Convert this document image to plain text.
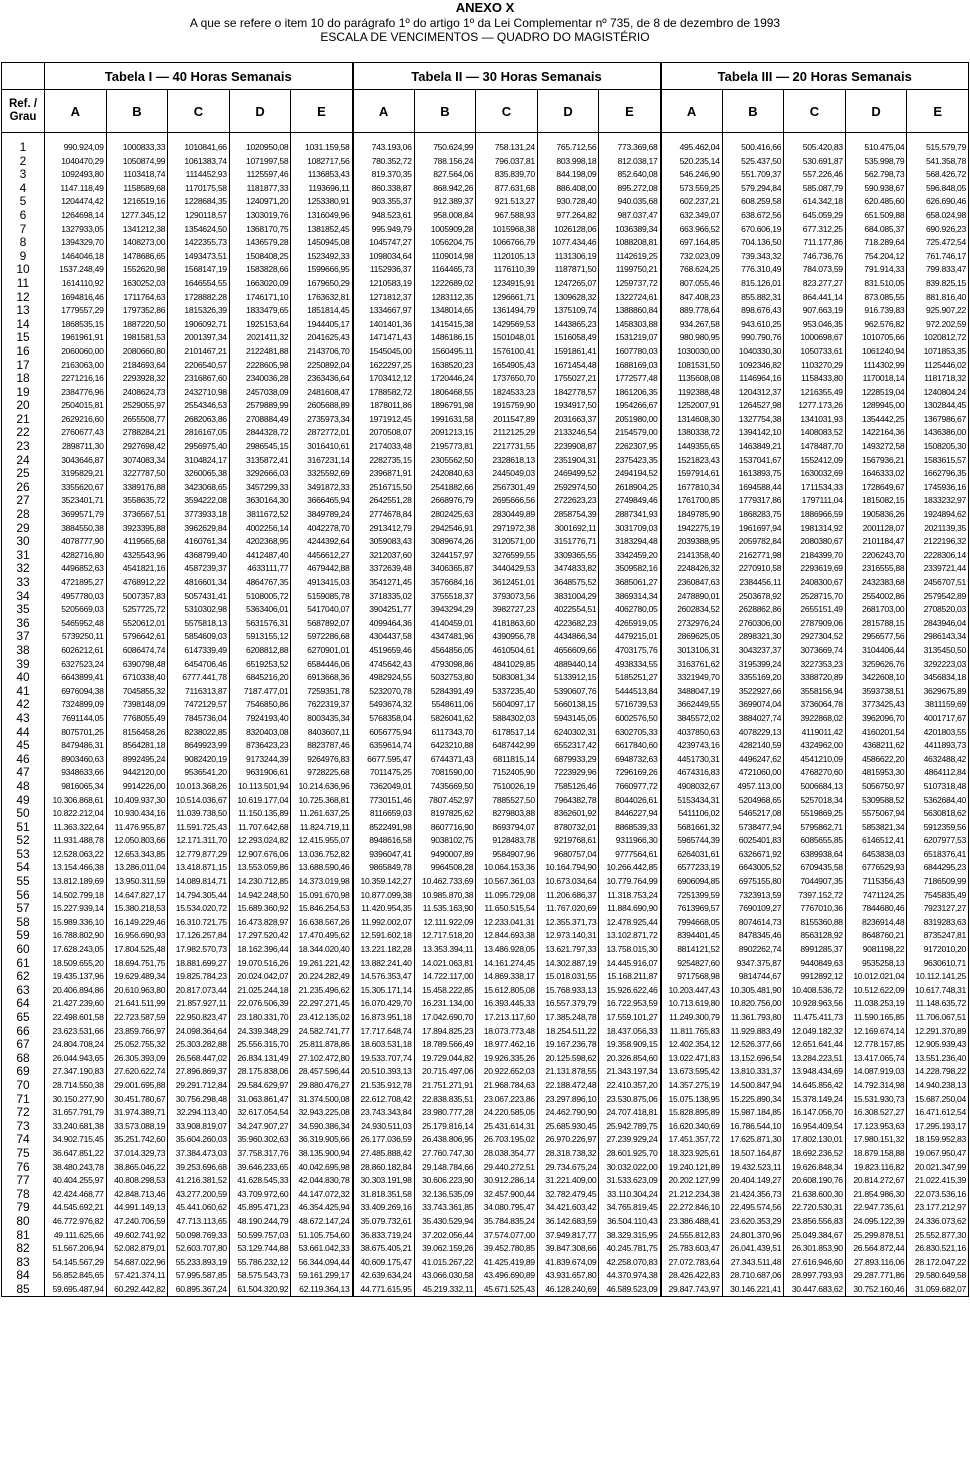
ANEXO X
A que se refere o item 10 do parágrafo 1º do artigo 1º da Lei Complementar nº 735, de 8 de dezembro de 1993
ESCALA DE VENCIMENTOS — QUADRO DO MAGISTÉRIO
	Tabela I — 40 Horas Semanais					Tabela II — 30 Horas Semanais					Tabela III — 20 Horas Semanais				
Ref. / Grau	A	B	C	D	E	A	B	C	D	E	A	B	C	D	E
1	990.924,09	1000833,33	1010841,66	1020950,08	1031.159,58	743.193,06	750.624,99	758.131,24	765.712,56	773.369,68	495.462,04	500.416,66	505.420,83	510.475,04	515.579,79
2	1040470,29	1050874,99	1061383,74	1071997,58	1082717,56	780.352,72	788.156,24	796.037,81	803.998,18	812.038,17	520.235,14	525.437,50	530.691,87	535.998,79	541.358,78
3	1092493,80	1103418,74	1114452,93	1125597,46	1136853,43	819.370,35	827.564,06	835.839,70	844.198,09	852.640,08	546.246,90	551.709,37	557.226,46	562.798,73	568.426,72
4	1147.118,49	1158589,68	1170175,58	1181877,33	1193696,11	860.338,87	868.942,26	877.631,68	886.408,00	895.272,08	573.559,25	579.294,84	585.087,79	590.938,67	596.848,05
5	1204474,42	1216519,16	1228684,35	1240971,20	1253380,91	903.355,37	912.389,37	921.513,27	930.728,40	940.035,68	602.237,21	608.259,58	614.342,18	620.485,60	626.690,46
6	1264698,14	1277.345,12	1290118,57	1303019,76	1316049,96	948.523,61	958.008,84	967.588,93	977.264,82	987.037,47	632.349,07	638.672,56	645.059,29	651.509,88	658.024,98
7	1327933,05	1341212,38	1354624,50	1368170,75	1381852,45	995.949,79	1005909,28	1015968,38	1026128,06	1036389,34	663.966,52	670.606,19	677.312,25	684.085,37	690.926,23
8	1394329,70	1408273,00	1422355,73	1436579,28	1450945,08	1045747,27	1056204,75	1066766,79	1077.434,46	1088208,81	697.164,85	704.136,50	711.177,86	718.289,64	725.472,54
9	1464046,18	1478686,65	1493473,51	1508408,25	1523492,33	1098034,64	1109014,98	1120105,13	1131306,19	1142619,25	732.023,09	739.343,32	746.736,76	754.204,12	761.746,17
10	1537.248,49	1552620,98	1568147,19	1583828,66	1599666,95	1152936,37	1164465,73	1176110,39	1187871,50	1199750,21	768.624,25	776.310,49	784.073,59	791.914,33	799.833,47
11	1614110,92	1630252,03	1646554,55	1663020,09	1679650,29	1210583,19	1222689,02	1234915,91	1247265,07	1259737,72	807.055,46	815.126,01	823.277,27	831.510,05	839.825,15
12	1694816,46	1711764,63	1728882,28	1746171,10	1763632,81	1271812,37	1283112,35	1296661,71	1309628,32	1322724,61	847.408,23	855.882,31	864.441,14	873.085,55	881.816,40
13	1779557,29	1797352,86	1815326,39	1833479,65	1851814,45	1334667,97	1348014,65	1361494,79	1375109,74	1388860,84	889.778,64	898.676,43	907.663,19	916.739,83	925.907,22
14	1868535,15	1887220,50	1906092,71	1925153,64	1944405,17	1401401,36	1415415,38	1429569,53	1443865,23	1458303,88	934.267,58	943.610,25	953.046,35	962.576,82	972.202,59
15	1961961,91	1981581,53	2001397,34	2021411,32	2041625,43	1471471,43	1486186,15	1501048,01	1516058,49	1531219,07	980.980,95	990.790,76	1000698,67	1010705,66	1020812,72
16	2060060,00	2080660,80	2101467,21	2122481,88	2143706,70	1545045,00	1560495,11	1576100,41	1591861,41	1607780,03	1030030,00	1040330,30	1050733,61	1061240,94	1071853,35
17	2163063,00	2184693,64	2206540,57	2228605,98	2250892,04	1622297,25	1638520,23	1654905,43	1671454,48	1688169,03	1081531,50	1092346,82	1103270,29	1114302,99	1125446,02
18	2271216,16	2293928,32	2316867,60	2340036,28	2363436,64	1703412,12	1720446,24	1737650,70	1755027,21	1772577,48	1135608,08	1146964,16	1158433,80	1170018,14	1181718,32
19	2384776,96	2408624,73	2432710,98	2457038,09	2481608,47	1788582,72	1806468,55	1824533,23	1842778,57	1861206,35	1192388,48	1204312,37	1216355,49	1228519,04	1240804,24
20	2504015,81	2529055,97	2554346,53	2579889,99	2605688,89	1878011,86	1896791,98	1915759,90	1934917,50	1954266,67	1252007,91	1264527,98	1277.173,26	1289945,00	1302844,45
21	2629216,60	2655508,77	2682063,86	2708884,49	2735973,34	1971912,45	1991631,58	2011547,89	2031663,37	2051980,00	1314608,30	1327754,38	1341031,93	1354442,25	1367986,67
22	2760677,43	2788284,21	2816167,05	2844328,72	2872772,01	2070508,07	2091213,15	2112125,29	2133246,54	2154579,00	1380338,72	1394142,10	1408083,52	1422164,36	1436386,00
23	2898711,30	2927698,42	2956975,40	2986545,15	3016410,61	2174033,48	2195773,81	2217731,55	2239908,87	2262307,95	1449355,65	1463849,21	1478487,70	1493272,58	1508205,30
24	3043646,87	3074083,34	3104824,17	3135872,41	3167231,14	2282735,15	2305562,50	2328618,13	2351904,31	2375423,35	1521823,43	1537041,67	1552412,09	1567936,21	1583615,57
25	3195829,21	3227787,50	3260065,38	3292666,03	3325592,69	2396871,91	2420840,63	2445049,03	2469499,52	2494194,52	1597914,61	1613893,75	1630032,69	1646333,02	1662796,35
26	3355620,67	3389176,88	3423068,65	3457299,33	3491872,33	2516715,50	2541882,66	2567301,49	2592974,50	2618904,25	1677810,34	1694588,44	1711534,33	1728649,67	1745936,16
27	3523401,71	3558635,72	3594222,08	3630164,30	3666465,94	2642551,28	2668976,79	2695666,56	2722623,23	2749849,46	1761700,85	1779317,86	1797111,04	1815082,15	1833232,97
28	3699571,79	3736567,51	3773933,18	3811672,52	3849789,24	2774678,84	2802425,63	2830449,89	2858754,39	2887341,93	1849785,90	1868283,75	1886966,59	1905836,26	1924894,62
29	3884550,38	3923395,88	3962629,84	4002256,14	4042278,70	2913412,79	2942546,91	2971972,38	3001692,11	3031709,03	1942275,19	1961697,94	1981314,92	2001128,07	2021139,35
30	4078777,90	4119565,68	4160761,34	4202368,95	4244392,64	3059083,43	3089674,26	3120571,00	3151776,71	3183294,48	2039388,95	2059782,84	2080380,67	2101184,47	2122196,32
31	4282716,80	4325543,96	4368799,40	4412487,40	4456612,27	3212037,60	3244157,97	3276599,55	3309365,55	3342459,20	2141358,40	2162771,98	2184399,70	2206243,70	2228306,14
32	4496852,63	4541821,16	4587239,37	4633111,77	4679442,88	3372639,48	3406365,87	3440429,53	3474833,82	3509582,16	2248426,32	2270910,58	2293619,69	2316555,88	2339721,44
33	4721895,27	4768912,22	4816601,34	4864767,35	4913415,03	3541271,45	3576684,16	3612451,01	3648575,52	3685061,27	2360847,63	2384456,11	2408300,67	2432383,68	2456707,51
34	4957780,03	5007357,83	5057431,41	5108005,72	5159085,78	3718335,02	3755518,37	3793073,56	3831004,29	3869314,34	2478890,01	2503678,92	2528715,70	2554002,86	2579542,89
35	5205669,03	5257725,72	5310302,98	5363406,01	5417040,07	3904251,77	3943294,29	3982727,23	4022554,51	4062780,05	2602834,52	2628862,86	2655151,49	2681703,00	2708520,03
36	5465952,48	5520612,01	5575818,13	5631576,31	5687892,07	4099464,36	4140459,01	4181863,60	4223682,23	4265919,05	2732976,24	2760306,00	2787909,06	2815788,15	2843946,04
37	5739250,11	5796642,61	5854609,03	5913155,12	5972286,68	4304437,58	4347481,96	4390956,78	4434866,34	4479215,01	2869625,05	2898321,30	2927304,52	2956577,56	2986143,34
38	6026212,61	6086474,74	6147339,49	6208812,88	6270901,01	4519659,46	4564856,05	4610504,61	4656609,66	4703175,76	3013106,31	3043237,37	3073669,74	3104406,44	3135450,50
39	6327523,24	6390798,48	6454706,46	6519253,52	6584446,06	4745642,43	4793098,86	4841029,85	4889440,14	4938334,55	3163761,62	3195399,24	3227353,23	3259626,76	3292223,03
40	6643899,41	6710338,40	6777.441,78	6845216,20	6913668,36	4982924,55	5032753,80	5083081,34	5133912,15	5185251,27	3321949,70	3355169,20	3388720,89	3422608,10	3456834,18
41	6976094,38	7045855,32	7116313,87	7187.477,01	7259351,78	5232070,78	5284391,49	5337235,40	5390607,76	5444513,84	3488047,19	3522927,66	3558156,94	3593738,51	3629675,89
42	7324899,09	7398148,09	7472129,57	7546850,86	7622319,37	5493674,32	5548611,06	5604097,17	5660138,15	5716739,53	3662449,55	3699074,04	3736064,78	3773425,43	3811159,69
43	7691144,05	7768055,49	7845736,04	7924193,40	8003435,34	5768358,04	5826041,62	5884302,03	5943145,05	6002576,50	3845572,02	3884027,74	3922868,02	3962096,70	4001717,67
44	8075701,25	8156458,26	8238022,85	8320403,08	8403607,11	6056775,94	6117343,70	6178517,14	6240302,31	6302705,33	4037850,63	4078229,13	4119011,42	4160201,54	4201803,55
45	8479486,31	8564281,18	8649923,99	8736423,23	8823787,46	6359614,74	6423210,88	6487442,99	6552317,42	6617840,60	4239743,16	4282140,59	4324962,00	4368211,62	4411893,73
46	8903460,63	8992495,24	9082420,19	9173244,39	9264976,83	6677.595,47	6744371,43	6811815,14	6879933,29	6948732,63	4451730,31	4496247,62	4541210,09	4586622,20	4632488,42
47	9348633,66	9442120,00	9536541,20	9631906,61	9728225,68	7011475,25	7081590,00	7152405,90	7223929,96	7296169,26	4674316,83	4721060,00	4768270,60	4815953,30	4864112,84
48	9816065,34	9914226,00	10.013.368,26	10.113.501,94	10.214.636,96	7362049,01	7435669,50	7510026,19	7585126,46	7660977,72	4908032,67	4957.113,00	5006684,13	5056750,97	5107318,48
49	10.306.868,61	10.409.937,30	10.514.036,67	10.619.177,04	10.725.368,81	7730151,46	7807.452,97	7885527,50	7964382,78	8044026,61	5153434,31	5204968,65	5257018,34	5309588,52	5362684,40
50	10.822.212,04	10.930.434,16	11.039.738,50	11.150.135,89	11.261.637,25	8116659,03	8197825,62	8279803,88	8362601,92	8446227,94	5411106,02	5465217,08	5519869,25	5575067,94	5630818,62
51	11.363.322,64	11.476.955,87	11.591.725,43	11.707.642,68	11.824.719,11	8522491,98	8607716,90	8693794,07	8780732,01	8868539,33	5681661,32	5738477,94	5795862,71	5853821,34	5912359,56
52	11.931.488,78	12.050.803,66	12.171.311,70	12.293.024,82	12.415.955,07	8948616,58	9038102,75	9128483,78	9219768,61	9311966,30	5965744,39	6025401,83	6085655,85	6146512,41	6207977,53
53	12.528.063,22	12.653.343,85	12.779.877,29	12.907.676,06	13.036.752,82	9396047,41	9490007,89	9584907,96	9680757,04	9777564,61	6264031,61	6326671,92	6389938,64	6453838,03	6518376,41
54	13.154.466,38	13.286.011,04	13.418.871,15	13.553.059,86	13.688.590,46	9865849,78	9964508,28	10.064.153,36	10.164.794,90	10.266.442,85	6577233,19	6643005,52	6709435,58	6776529,93	6844295,23
55	13.812.189,69	13.950.311,59	14.089.814,71	14.230.712,85	14.373.019,98	10.359.142,27	10.462.733,69	10.567.361,03	10.673.034,64	10.779.764,99	6906094,85	6975155,80	7044907,35	7115356,43	7186509,99
56	14.502.799,18	14.647.827,17	14.794.305,44	14.942.248,50	15.091.670,98	10.877.099,38	10.985.870,38	11.095.729,08	11.206.686,37	11.318.753,24	7251399,59	7323913,59	7397.152,72	7471124,25	7545835,49
57	15.227.939,14	15.380.218,53	15.534.020,72	15.689.360,92	15.846.254,53	11.420.954,35	11.535.163,90	11.650.515,54	11.767.020,69	11.884.690,90	7613969,57	7690109,27	7767010,36	7844680,46	7923127,27
58	15.989.336,10	16.149.229,46	16.310.721,75	16.473.828,97	16.638.567,26	11.992.002,07	12.111.922,09	12.233.041,31	12.355.371,73	12.478.925,44	7994668,05	8074614,73	8155360,88	8236914,48	8319283,63
59	16.788.802,90	16.956.690,93	17.126.257,84	17.297.520,42	17.470.495,62	12.591.602,18	12.717.518,20	12.844.693,38	12.973.140,31	13.102.871,72	8394401,45	8478345,46	8563128,92	8648760,21	8735247,81
60	17.628.243,05	17.804.525,48	17.982.570,73	18.162.396,44	18.344.020,40	13.221.182,28	13.353.394,11	13.486.928,05	13.621.797,33	13.758.015,30	8814121,52	8902262,74	8991285,37	9081198,22	9172010,20
61	18.509.655,20	18.694.751,75	18.881.699,27	19.070.516,26	19.261.221,42	13.882.241,40	14.021.063,81	14.161.274,45	14.302.887,19	14.445.916,07	9254827,60	9347.375,87	9440849,63	9535258,13	9630610,71
62	19.435.137,96	19.629.489,34	19.825.784,23	20.024.042,07	20.224.282,49	14.576.353,47	14.722.117,00	14.869.338,17	15.018.031,55	15.168.211,87	9717568,98	9814744,67	9912892,12	10.012.021,04	10.112.141,25
63	20.406.894,86	20.610.963,80	20.817.073,44	21.025.244,18	21.235.496,62	15.305.171,14	15.458.222,85	15.612.805,08	15.768.933,13	15.926.622,46	10.203.447,43	10.305.481,90	10.408.536,72	10.512.622,09	10.617.748,31
64	21.427.239,60	21.641.511,99	21.857.927,11	22.076.506,39	22.297.271,45	16.070.429,70	16.231.134,00	16.393.445,33	16.557.379,79	16.722.953,59	10.713.619,80	10.820.756,00	10.928.963,56	11.038.253,19	11.148.635,72
65	22.498.601,58	22.723.587,59	22.950.823,47	23.180.331,70	23.412.135,02	16.873.951,18	17.042.690,70	17.213.117,60	17.385.248,78	17.559.101,27	11.249.300,79	11.361.793,80	11.475.411,73	11.590.165,85	11.706.067,51
66	23.623.531,66	23.859.766,97	24.098.364,64	24.339.348,29	24.582.741,77	17.717.648,74	17.894.825,23	18.073.773,48	18.254.511,22	18.437.056,33	11.811.765,83	11.929.883,49	12.049.182,32	12.169.674,14	12.291.370,89
67	24.804.708,24	25.052.755,32	25.303.282,88	25.556.315,70	25.811.878,86	18.603.531,18	18.789.566,49	18.977.462,16	19.167.236,78	19.358.909,15	12.402.354,12	12.526.377,66	12.651.641,44	12.778.157,85	12.905.939,43
68	26.044.943,65	26.305.393,09	26.568.447,02	26.834.131,49	27.102.472,80	19.533.707,74	19.729.044,82	19.926.335,26	20.125.598,62	20.326.854,60	13.022.471,83	13.152.696,54	13.284.223,51	13.417.065,74	13.551.236,40
69	27.347.190,83	27.620.622,74	27.896.869,37	28.175.838,06	28.457.596,44	20.510.393,13	20.715.497,06	20.922.652,03	21.131.878,55	21.343.197,34	13.673.595,42	13.810.331,37	13.948.434,69	14.087.919,03	14.228.798,22
70	28.714.550,38	29.001.695,88	29.291.712,84	29.584.629,97	29.880.476,27	21.535.912,78	21.751.271,91	21.968.784,63	22.188.472,48	22.410.357,20	14.357.275,19	14.500.847,94	14.645.856,42	14.792.314,98	14.940.238,13
71	30.150.277,90	30.451.780,67	30.756.298,48	31.063.861,47	31.374.500,08	22.612.708,42	22.838.835,51	23.067.223,86	23.297.896,10	23.530.875,06	15.075.138,95	15.225.890,34	15.378.149,24	15.531.930,73	15.687.250,04
72	31.657.791,79	31.974.389,71	32.294.113,40	32.617.054,54	32.943.225,08	23.743.343,84	23.980.777,28	24.220.585,05	24.462.790,90	24.707.418,81	15.828.895,89	15.987.184,85	16.147.056,70	16.308.527,27	16.471.612,54
73	33.240.681,38	33.573.088,19	33.908.819,07	34.247.907,27	34.590.386,34	24.930.511,03	25.179.816,14	25.431.614,31	25.685.930,45	25.942.789,75	16.620.340,69	16.786.544,10	16.954.409,54	17.123.953,63	17.295.193,17
74	34.902.715,45	35.251.742,60	35.604.260,03	35.960.302,63	36.319.905,66	26.177.036,59	26.438.806,95	26.703.195,02	26.970.226,97	27.239.929,24	17.451.357,72	17.625.871,30	17.802.130,01	17.980.151,32	18.159.952,83
75	36.647.851,22	37.014.329,73	37.384.473,03	37.758.317,76	38.135.900,94	27.485.888,42	27.760.747,30	28.038.354,77	28.318.738,32	28.601.925,70	18.323.925,61	18.507.164,87	18.692.236,52	18.879.158,88	19.067.950,47
76	38.480.243,78	38.865.046,22	39.253.696,68	39.646.233,65	40.042.695,98	28.860.182,84	29.148.784,66	29.440.272,51	29.734.675,24	30.032.022,00	19.240.121,89	19.432.523,11	19.626.848,34	19.823.116,82	20.021.347,99
77	40.404.255,97	40.808.298,53	41.216.381,52	41.628.545,33	42.044.830,78	30.303.191,98	30.606.223,90	30.912.286,14	31.221.409,00	31.533.623,09	20.202.127,99	20.404.149,27	20.608.190,76	20.814.272,67	21.022.415,39
78	42.424.468,77	42.848.713,46	43.277.200,59	43.709.972,60	44.147.072,32	31.818.351,58	32.136.535,09	32.457.900,44	32.782.479,45	33.110.304,24	21.212.234,38	21.424.356,73	21.638.600,30	21.854.986,30	22.073.536,16
79	44.545.692,21	44.991.149,13	45.441.060,62	45.895.471,23	46.354.425,94	33.409.269,16	33.743.361,85	34.080.795,47	34.421.603,42	34.765.819,45	22.272.846,10	22.495.574,56	22.720.530,31	22.947.735,61	23.177.212,97
80	46.772.976,82	47.240.706,59	47.713.113,65	48.190.244,79	48.672.147,24	35.079.732,61	35.430.529,94	35.784.835,24	36.142.683,59	36.504.110,43	23.386.488,41	23.620.353,29	23.856.556,83	24.095.122,39	24.336.073,62
81	49.111.625,66	49.602.741,92	50.098.769,33	50.599.757,03	51.105.754,60	36.833.719,24	37.202.056,44	37.574.077,00	37.949.817,77	38.329.315,95	24.555.812,83	24.801.370,96	25.049.384,67	25.299.878,51	25.552.877,30
82	51.567.206,94	52.082.879,01	52.603.707,80	53.129.744,88	53.661.042,33	38.675.405,21	39.062.159,26	39.452.780,85	39.847.308,66	40.245.781,75	25.783.603,47	26.041.439,51	26.301.853,90	26.564.872,44	26.830.521,16
83	54.145.567,29	54.687.022,96	55.233.893,19	55.786.232,12	56.344.094,44	40.609.175,47	41.015.267,22	41.425.419,89	41.839.674,09	42.258.070,83	27.072.783,64	27.343.511,48	27.616.946,60	27.893.116,06	28.172.047,22
84	56.852.845,65	57.421.374,11	57.995.587,85	58.575.543,73	59.161.299,17	42.639.634,24	43.066.030,58	43.496.690,89	43.931.657,80	44.370.974,38	28.426.422,83	28.710.687,06	28.997.793,93	29.287.771,86	29.580.649,58
85	59.695.487,94	60.292.442,82	60.895.367,24	61.504.320,92	62.119.364,13	44.771.615,95	45.219.332,11	45.671.525,43	46.128.240,69	46.589.523,09	29.847.743,97	30.146.221,41	30.447.683,62	30.752.160,46	31.059.682,07
